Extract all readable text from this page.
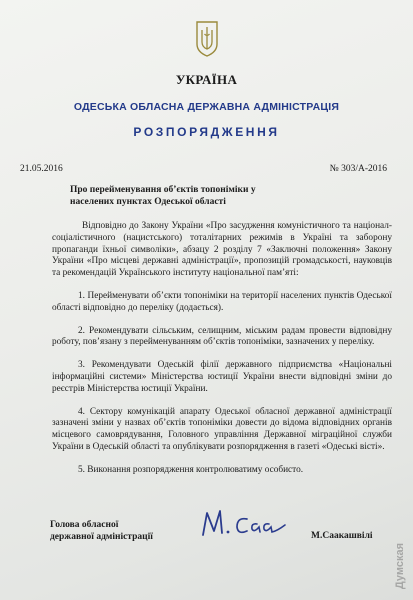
УКРАЇНА
ОДЕСЬКА ОБЛАСНА ДЕРЖАВНА АДМІНІСТРАЦІЯ
РОЗПОРЯДЖЕННЯ
21.05.2016	№ 303/А-2016
Про перейменування об’єктів топоніміки у
населених пунктах Одеської області

Відповідно до Закону України «Про засудження комуністичного та націонал-соціалістичного (нацистського) тоталітарних режимів в Україні та заборону пропаганди їхньої символіки», абзацу 2 розділу 7 «Заключні положення» Закону України «Про місцеві державні адміністрації», пропозицій громадськості, науковців та рекомендацій Українського інституту національної пам’яті:

1. Перейменувати об’єкти топоніміки на території населених пунктів Одеської області відповідно до переліку (додається).

2. Рекомендувати сільським, селищним, міським радам провести відповідну роботу, пов’язану з перейменуванням об’єктів топоніміки, зазначених у переліку.

3. Рекомендувати Одеській філії державного підприємства «Національні інформаційні системи» Міністерства юстиції України внести відповідні зміни до реєстрів Міністерства юстиції України.

4. Сектору комунікацій апарату Одеської обласної державної адміністрації зазначені зміни у назвах об’єктів топоніміки довести до відома відповідних органів місцевого самоврядування, Головного управління Державної міграційної служби України в Одеській області та опублікувати розпорядження в газеті «Одеські вісті».

5. Виконання розпорядження контролюватиму особисто.

Голова обласної
державної адміністрації	М.Саакашвілі
Думская
